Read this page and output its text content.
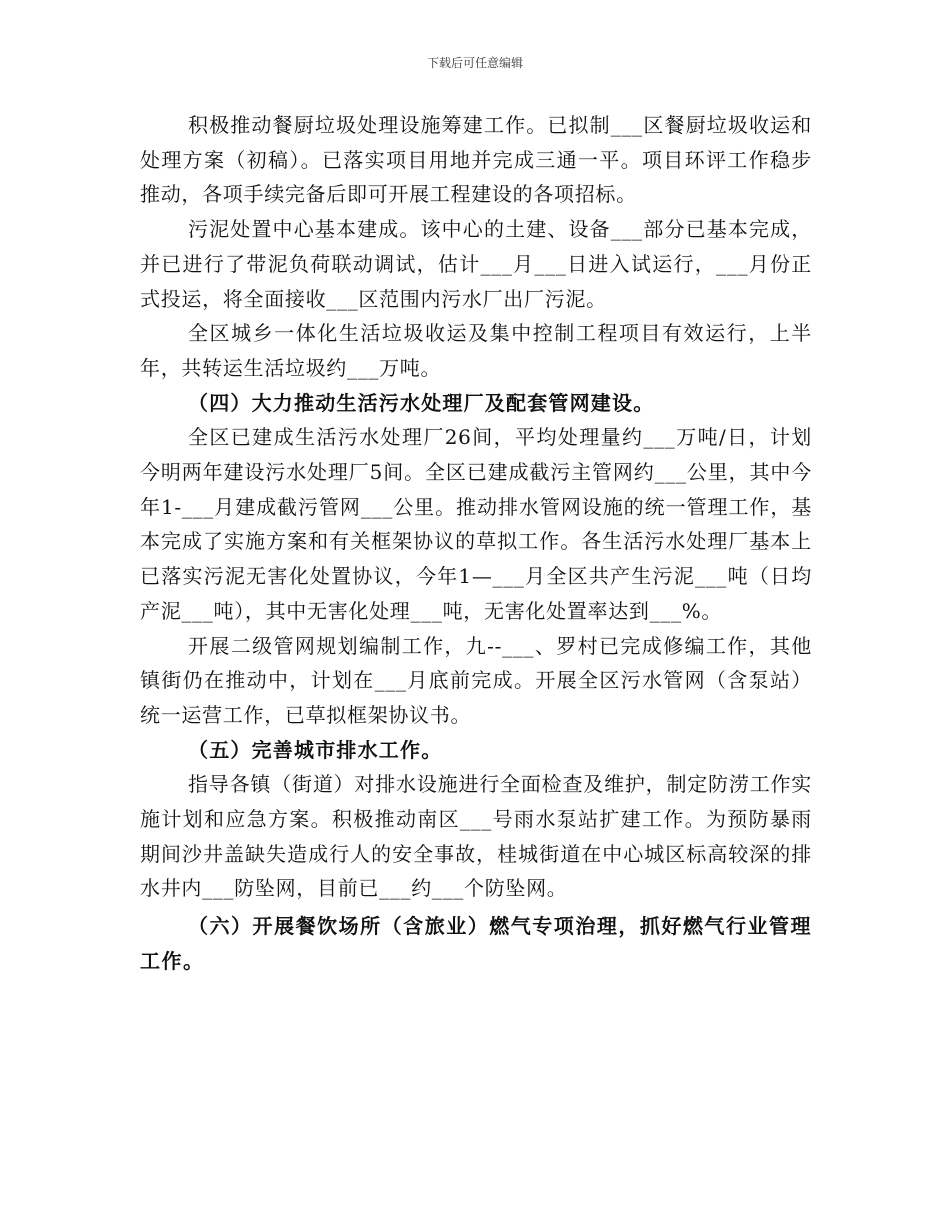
下载后可任意编辑

积极推动餐厨垃圾处理设施筹建工作。已拟制___区餐厨垃圾收运和处理方案（初稿）。已落实项目用地并完成三通一平。项目环评工作稳步推动，各项手续完备后即可开展工程建设的各项招标。

污泥处置中心基本建成。该中心的土建、设备___部分已基本完成，并已进行了带泥负荷联动调试，估计___月___日进入试运行，___月份正式投运，将全面接收___区范围内污水厂出厂污泥。

全区城乡一体化生活垃圾收运及集中控制工程项目有效运行，上半年，共转运生活垃圾约___万吨。

（四）大力推动生活污水处理厂及配套管网建设。

全区已建成生活污水处理厂26间，平均处理量约___万吨/日，计划今明两年建设污水处理厂5间。全区已建成截污主管网约___公里，其中今年1-___月建成截污管网___公里。推动排水管网设施的统一管理工作，基本完成了实施方案和有关框架协议的草拟工作。各生活污水处理厂基本上已落实污泥无害化处置协议，今年1—___月全区共产生污泥___吨（日均产泥___吨），其中无害化处理___吨，无害化处置率达到___%。

开展二级管网规划编制工作，九--___、罗村已完成修编工作，其他镇街仍在推动中，计划在___月底前完成。开展全区污水管网（含泵站）统一运营工作，已草拟框架协议书。

（五）完善城市排水工作。

指导各镇（街道）对排水设施进行全面检查及维护，制定防涝工作实施计划和应急方案。积极推动南区___号雨水泵站扩建工作。为预防暴雨期间沙井盖缺失造成行人的安全事故，桂城街道在中心城区标高较深的排水井内___防坠网，目前已___约___个防坠网。

（六）开展餐饮场所（含旅业）燃气专项治理，抓好燃气行业管理工作。
